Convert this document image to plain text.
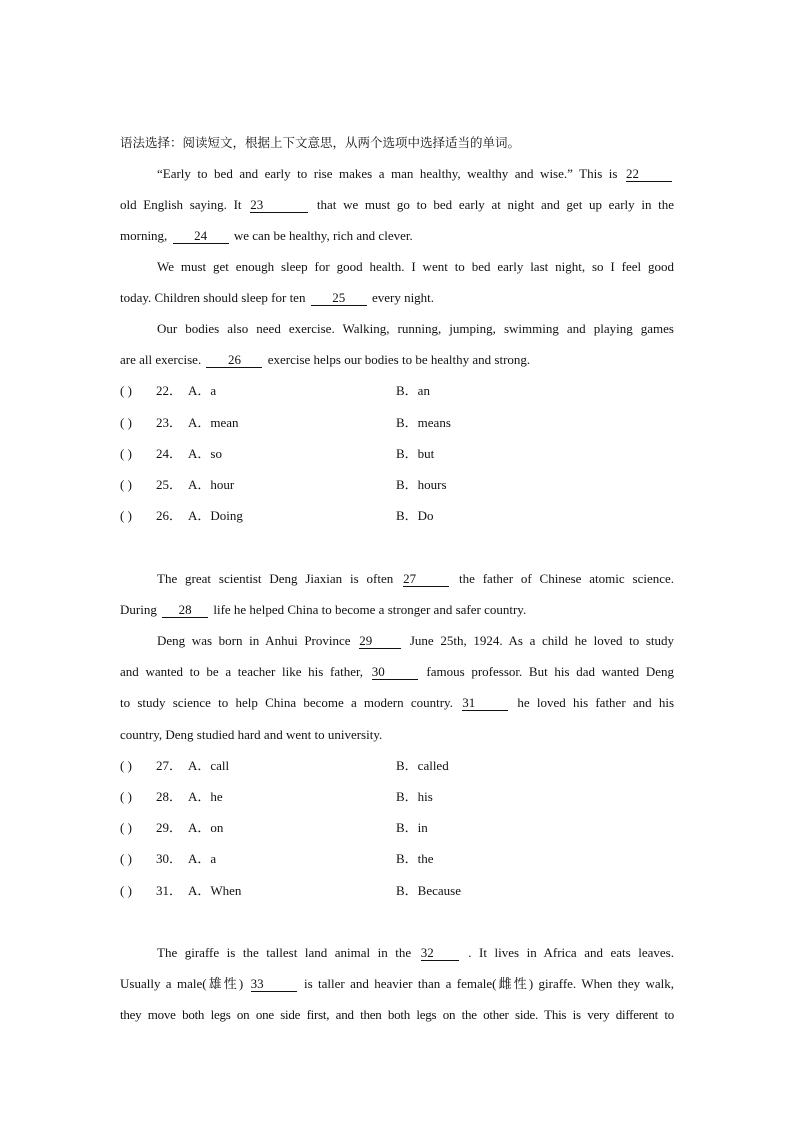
语法选择：阅读短文，根据上下文意思，从两个选项中选择适当的单词。
“Early to bed and early to rise makes a man healthy, wealthy and wise.” This is 22
old English saying. It 23	that we must go to bed early at night and get up early in the
morning, 24 we can be healthy, rich and clever.
We must get enough sleep for good health. I went to bed early last night, so I feel good
today. Children should sleep for ten 25 every night.
Our bodies also need exercise. Walking, running, jumping, swimming and playing games
are all exercise. 26 exercise helps our bodies to be healthy and strong.
( ) 22． A．a	B．an
( ) 23． A．mean	B．means
( ) 24． A．so	B．but
( ) 25． A．hour	B．hours
( ) 26． A．Doing	B．Do
The great scientist Deng Jiaxian is often 27	the father of Chinese atomic science.
During 28 life he helped China to become a stronger and safer country.
Deng was born in Anhui Province 29	June 25th, 1924. As a child he loved to study
and wanted to be a teacher like his father, 30	famous professor. But his dad wanted Deng
to study science to help China become a modern country. 31	he loved his father and his
country, Deng studied hard and went to university.
( ) 27． A．call	B．called
( ) 28． A．he	B．his
( ) 29． A．on	B．in
( ) 30． A．a	B．the
( ) 31． A．When	B．Because
The giraffe is the tallest land animal in the 32	. It lives in Africa and eats leaves.
Usually a male(雄性) 33	is taller and heavier than a female(雌性) giraffe. When they walk,
they move both legs on one side first, and then both legs on the other side. This is very different to
